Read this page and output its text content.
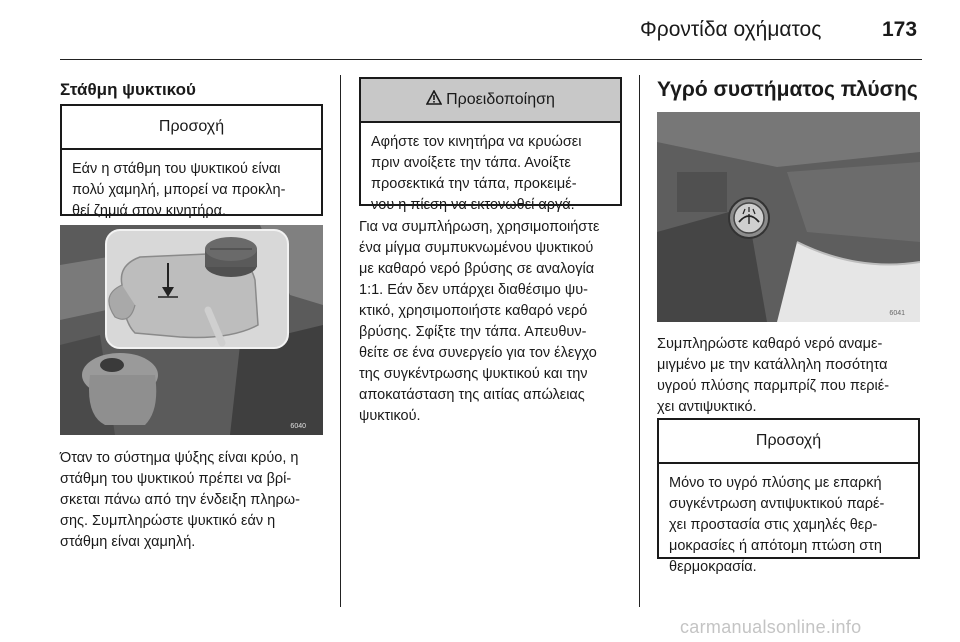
Φροντίδα οχήματος	173
Στάθμη ψυκτικού
Προσοχή
Εάν η στάθμη του ψυκτικού είναι
πολύ χαμηλή, μπορεί να προκλη-
θεί ζημιά στον κινητήρα.
6040
Όταν το σύστημα ψύξης είναι κρύο, η
στάθμη του ψυκτικού πρέπει να βρί-
σκεται πάνω από την ένδειξη πληρω-
σης. Συμπληρώστε ψυκτικό εάν η
στάθμη είναι χαμηλή.
Προειδοποίηση
Αφήστε τον κινητήρα να κρυώσει
πριν ανοίξετε την τάπα. Ανοίξτε
προσεκτικά την τάπα, προκειμέ-
νου η πίεση να εκτονωθεί αργά.
Για να συμπλήρωση, χρησιμοποιήστε
ένα μίγμα συμπυκνωμένου ψυκτικού
με καθαρό νερό βρύσης σε αναλογία
1:1. Εάν δεν υπάρχει διαθέσιμο ψυ-
κτικό, χρησιμοποιήστε καθαρό νερό
βρύσης. Σφίξτε την τάπα. Απευθυν-
θείτε σε ένα συνεργείο για τον έλεγχο
της συγκέντρωσης ψυκτικού και την
αποκατάσταση της αιτίας απώλειας
ψυκτικού.
Υγρό συστήματος πλύσης
6041
Συμπληρώστε καθαρό νερό αναμε-
μιγμένο με την κατάλληλη ποσότητα
υγρού πλύσης παρμπρίζ που περιέ-
χει αντιψυκτικό.
Προσοχή
Μόνο το υγρό πλύσης με επαρκή
συγκέντρωση αντιψυκτικού παρέ-
χει προστασία στις χαμηλές θερ-
μοκρασίες ή απότομη πτώση στη
θερμοκρασία.
carmanualsonline.info
